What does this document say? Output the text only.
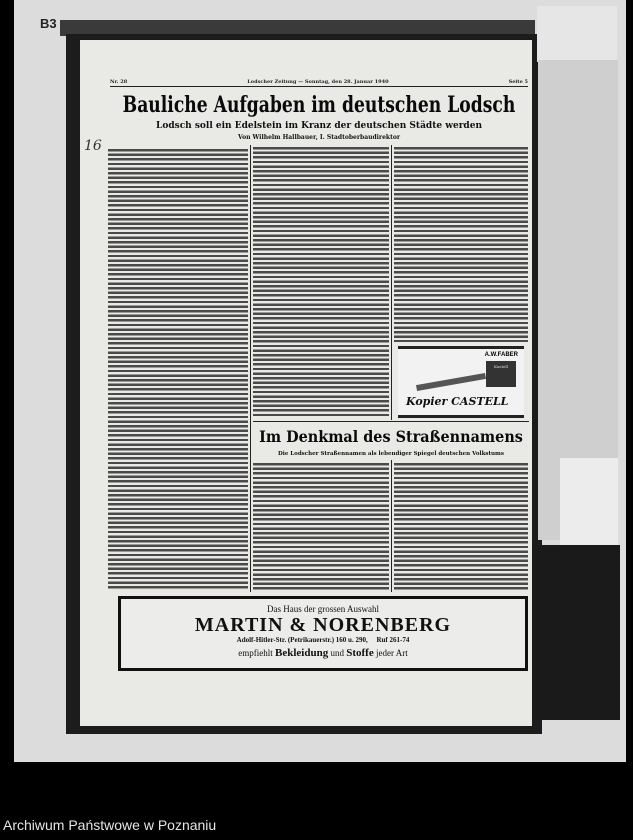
B3
Nr. 28	Lodscher Zeitung — Sonntag, den 28. Januar 1940	Seite 5
Bauliche Aufgaben im deutschen Lodsch
Lodsch soll ein Edelstein im Kranz der deutschen Städte werden
Von Wilhelm Hallbauer, I. Stadtoberbaudirektor
16
A.W.FABER
Kastell
Kopier CASTELL
Im Denkmal des Straßennamens
Die Lodscher Straßennamen als lebendiger Spiegel deutschen Volkstums
Das Haus der grossen Auswahl
MARTIN & NORENBERG
Adolf-Hitler-Str. (Petrikauerstr.) 160 u. 290, Ruf 261-74
empfiehlt Bekleidung und Stoffe jeder Art
Archiwum Państwowe w Poznaniu
